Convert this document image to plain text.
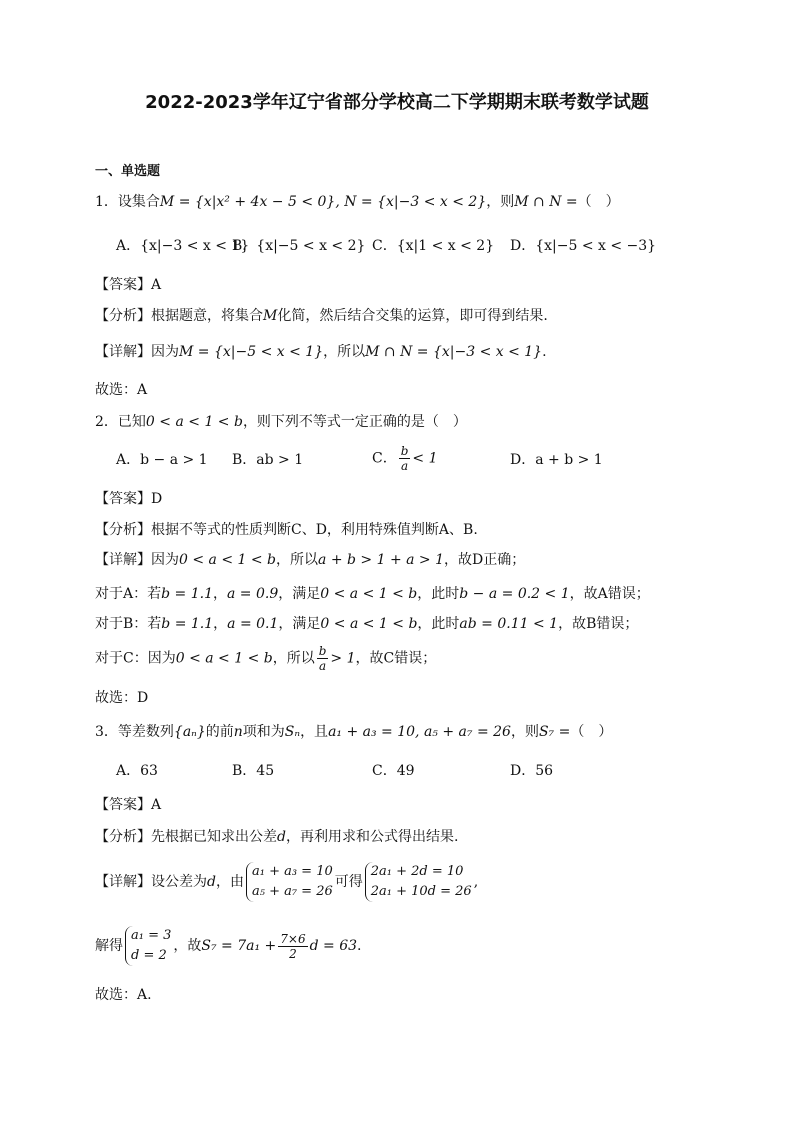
2022-2023学年辽宁省部分学校高二下学期期末联考数学试题
一、单选题
1．设集合M = {x|x² + 4x − 5 < 0}, N = {x|−3 < x < 2}，则M ∩ N =（　）
A．{x|−3 < x < 1}
B．{x|−5 < x < 2} C．{x|1 < x < 2} D．{x|−5 < x < −3}
【答案】A
【分析】根据题意，将集合M化简，然后结合交集的运算，即可得到结果.
【详解】因为M = {x|−5 < x < 1}，所以M ∩ N = {x|−3 < x < 1}.
故选：A
2．已知0 < a < 1 < b，则下列不等式一定正确的是（　）
A．b − a > 1 B．ab > 1	C． $\frac{b}{a} < 1$	D．a + b > 1
【答案】D
【分析】根据不等式的性质判断C、D，利用特殊值判断A、B.
【详解】因为0 < a < 1 < b，所以a + b > 1 + a > 1，故D正确；
对于A：若b = 1.1，a = 0.9，满足0 < a < 1 < b，此时b − a = 0.2 < 1，故A错误；
对于B：若b = 1.1，a = 0.1，满足0 < a < 1 < b，此时ab = 0.11 < 1，故B错误；
对于C：因为0 < a < 1 < b，所以 $\frac{b}{a} > 1$，故C错误；
故选：D
3．等差数列{aₙ}的前n项和为Sₙ，且a₁ + a₃ = 10, a₅ + a₇ = 26，则S₇ =（　）
A．63	B．45	C．49	D．56
【答案】A
【分析】先根据已知求出公差d，再利用求和公式得出结果.
【详解】设公差为d，由
a₁ + a₃ = 10
a₅ + a₇ = 26
可得
2a₁ + 2d = 10
2a₁ + 10d = 26
,
解得
a₁ = 3
d = 2
，故$S_7 = 7a_1 + \frac{7\times 6}{2}$ d = 63.
故选：A.
